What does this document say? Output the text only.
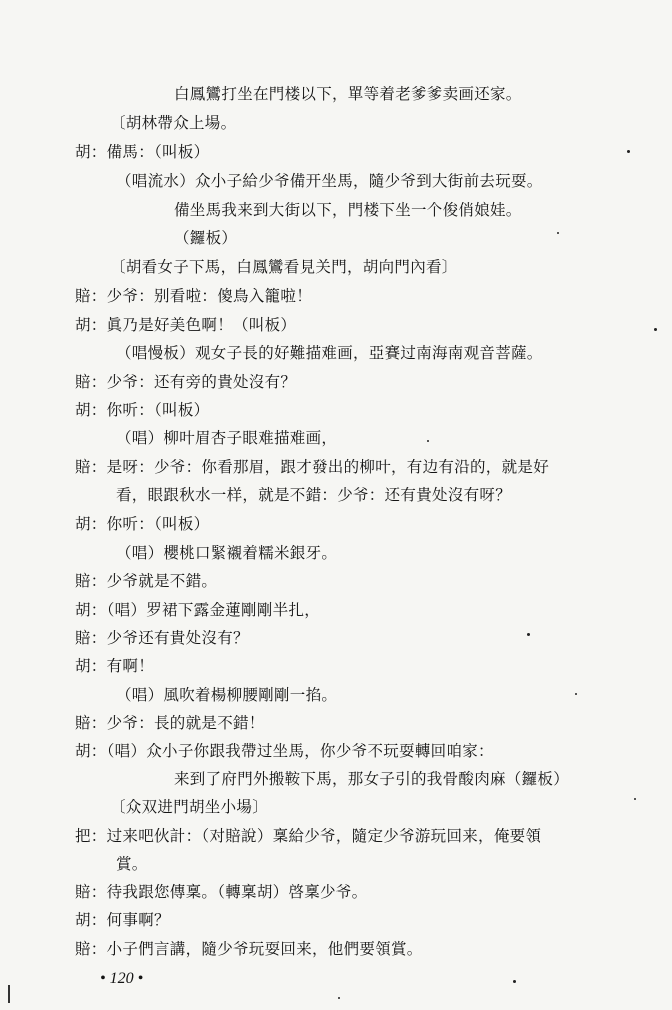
白鳳鸞打坐在門楼以下，單等着老爹爹卖画还家。
〔胡林帶众上場。
胡：備馬：（叫板）
（唱流水）众小子給少爷備开坐馬，隨少爷到大街前去玩耍。
備坐馬我来到大街以下，門楼下坐一个俊俏娘娃。
（鑼板）
〔胡看女子下馬，白鳳鸞看見关門，胡向門內看〕
賠：少爷：别看啦：傻鳥入籠啦！
胡：眞乃是好美色啊！（叫板）
（唱慢板）观女子長的好難描难画，亞賽过南海南观音菩薩。
賠：少爷：还有旁的貴处沒有？
胡：你听：（叫板）
（唱）柳叶眉杏子眼难描难画，
賠：是呀：少爷：你看那眉，跟才發出的柳叶，有边有沿的，就是好
看，眼跟秋水一样，就是不錯：少爷：还有貴处沒有呀？
胡：你听：（叫板）
（唱）櫻桃口緊襯着糯米銀牙。
賠：少爷就是不錯。
胡：（唱）罗裙下露金蓮剛剛半扎，
賠：少爷还有貴处沒有？
胡：有啊！
（唱）風吹着楊柳腰剛剛一掐。
賠：少爷：長的就是不錯！
胡：（唱）众小子你跟我帶过坐馬，你少爷不玩耍轉回咱家：
来到了府門外搬鞍下馬，那女子引的我骨酸肉麻（鑼板）
〔众双进門胡坐小場〕
把：过来吧伙計：（对賠說）稟給少爷，隨定少爷游玩回来，俺要領
賞。
賠：待我跟您傳稟。（轉稟胡）啓稟少爷。
胡：何事啊？
賠：小子們言講，隨少爷玩耍回来，他們要領賞。
• 120 •
